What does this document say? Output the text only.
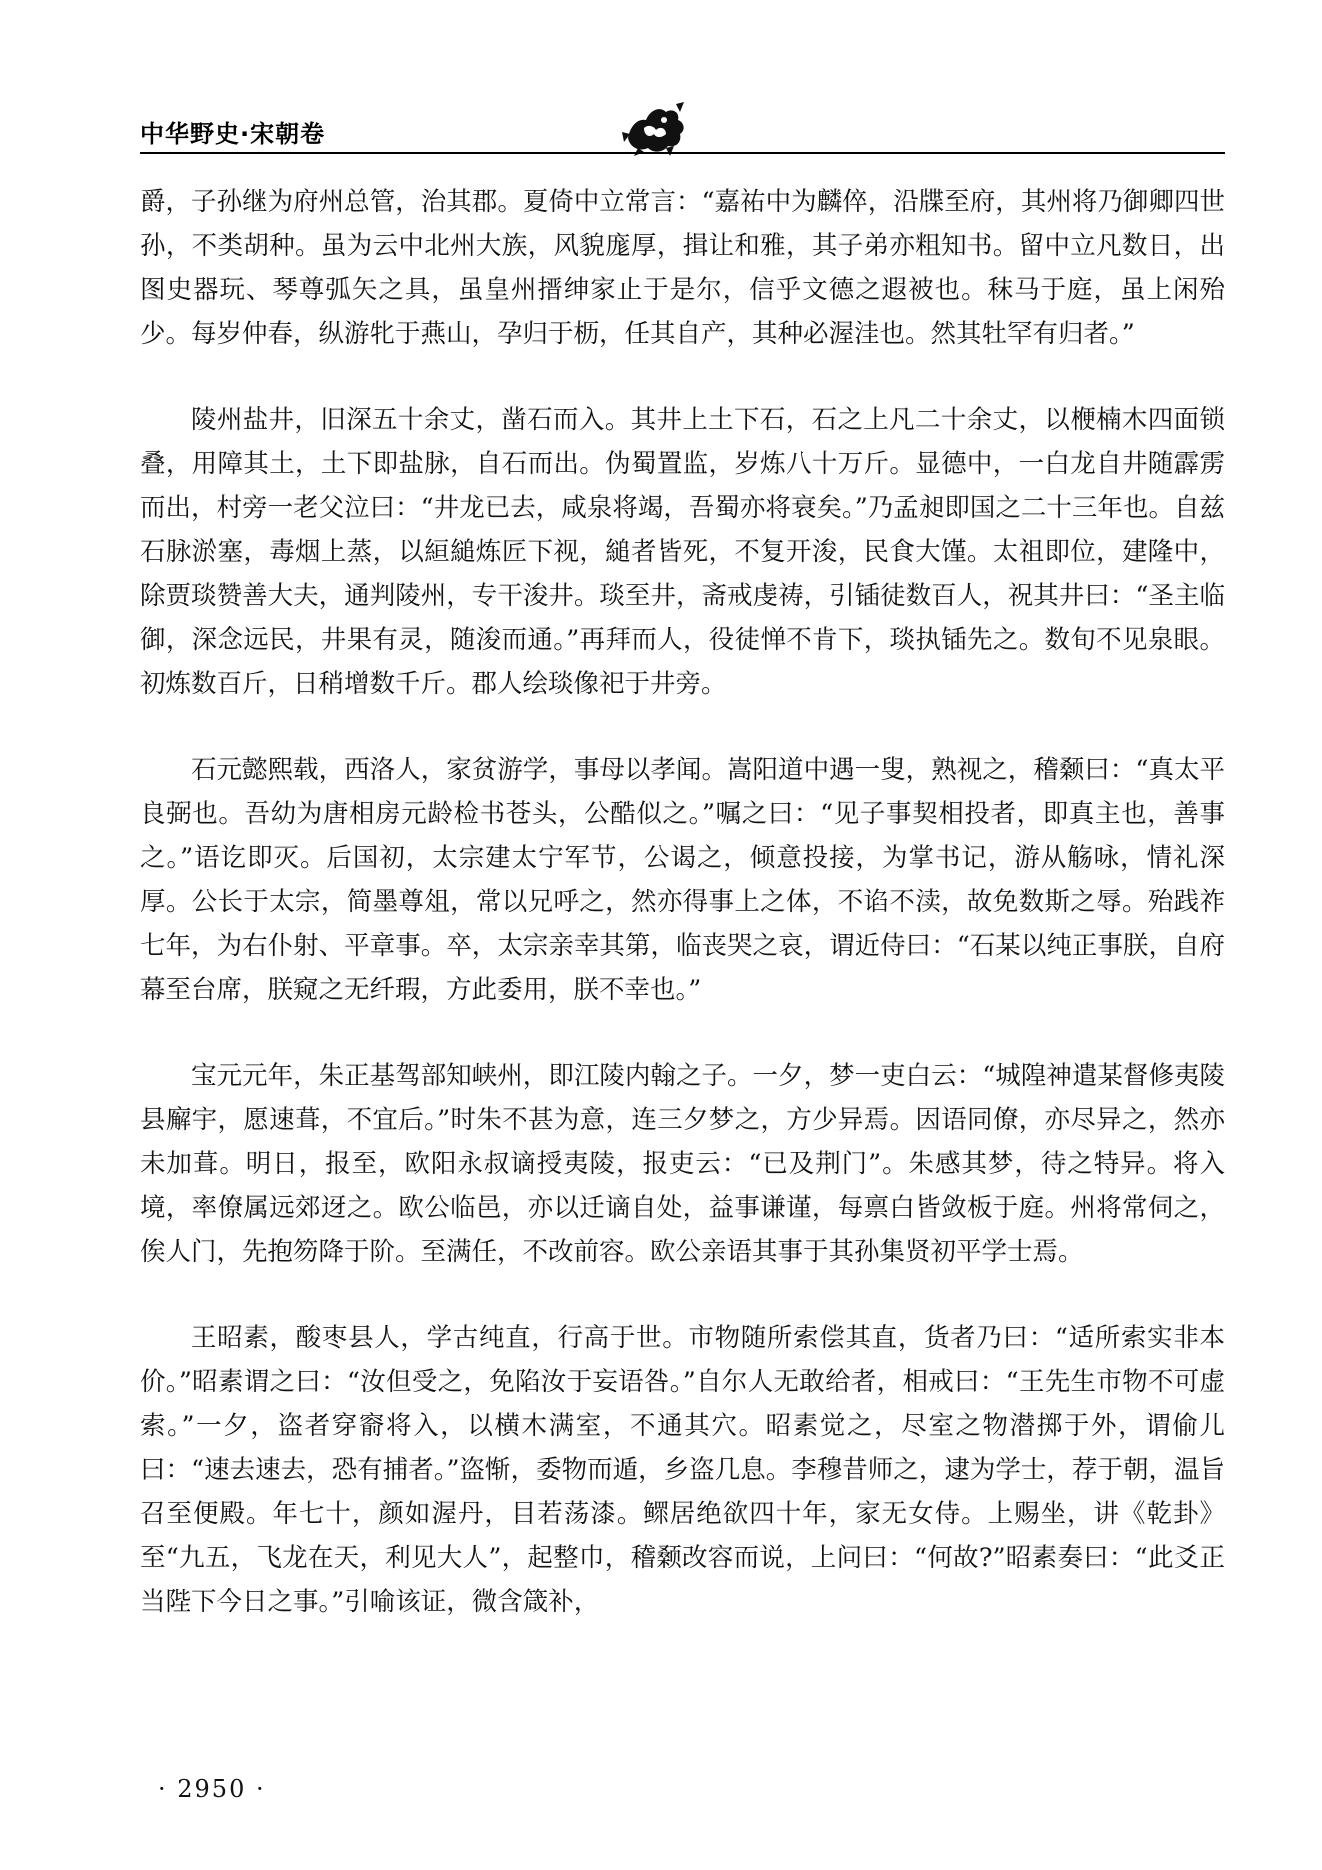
中华野史·宋朝卷

爵，子孙继为府州总管，治其郡。夏倚中立常言：“嘉祐中为麟倅，沿牒至府，其州将乃御卿四世孙，不类胡种。虽为云中北州大族，风貌庬厚，揖让和雅，其子弟亦粗知书。留中立凡数日，出图史器玩、琴尊弧矢之具，虽皇州搢绅家止于是尔，信乎文德之遐被也。秣马于庭，虽上闲殆少。每岁仲春，纵游牝于燕山，孕归于枥，任其自产，其种必渥洼也。然其牡罕有归者。”

陵州盐井，旧深五十余丈，凿石而入。其井上土下石，石之上凡二十余丈，以楩楠木四面锁叠，用障其土，土下即盐脉，自石而出。伪蜀置监，岁炼八十万斤。显德中，一白龙自井随霹雳而出，村旁一老父泣曰：“井龙已去，咸泉将竭，吾蜀亦将衰矣。”乃孟昶即国之二十三年也。自兹石脉淤塞，毒烟上蒸，以絙縋炼匠下视，縋者皆死，不复开浚，民食大馑。太祖即位，建隆中，除贾琰赞善大夫，通判陵州，专干浚井。琰至井，斋戒虔祷，引锸徒数百人，祝其井曰：“圣主临御，深念远民，井果有灵，随浚而通。”再拜而人，役徒惮不肯下，琰执锸先之。数旬不见泉眼。初炼数百斤，日稍增数千斤。郡人绘琰像祀于井旁。

石元懿熙载，西洛人，家贫游学，事母以孝闻。嵩阳道中遇一叟，熟视之，稽颡曰：“真太平良弼也。吾幼为唐相房元龄检书苍头，公酷似之。”嘱之曰：“见子事契相投者，即真主也，善事之。”语讫即灭。后国初，太宗建太宁军节，公谒之，倾意投接，为掌书记，游从觞咏，情礼深厚。公长于太宗，简墨尊俎，常以兄呼之，然亦得事上之体，不谄不渎，故免数斯之辱。殆践祚七年，为右仆射、平章事。卒，太宗亲幸其第，临丧哭之哀，谓近侍曰：“石某以纯正事朕，自府幕至台席，朕窥之无纤瑕，方此委用，朕不幸也。”

宝元元年，朱正基驾部知峡州，即江陵内翰之子。一夕，梦一吏白云：“城隍神遣某督修夷陵县廨宇，愿速葺，不宜后。”时朱不甚为意，连三夕梦之，方少异焉。因语同僚，亦尽异之，然亦未加葺。明日，报至，欧阳永叔谪授夷陵，报吏云：“已及荆门”。朱感其梦，待之特异。将入境，率僚属远郊迓之。欧公临邑，亦以迁谪自处，益事谦谨，每禀白皆敛板于庭。州将常伺之，俟人门，先抱笏降于阶。至满任，不改前容。欧公亲语其事于其孙集贤初平学士焉。

王昭素，酸枣县人，学古纯直，行高于世。市物随所索偿其直，货者乃曰：“适所索实非本价。”昭素谓之曰：“汝但受之，免陷汝于妄语咎。”自尔人无敢给者，相戒曰：“王先生市物不可虚索。”一夕，盗者穿窬将入，以横木满室，不通其穴。昭素觉之，尽室之物潜掷于外，谓偷儿曰：“速去速去，恐有捕者。”盗惭，委物而遁，乡盗几息。李穆昔师之，逮为学士，荐于朝，温旨召至便殿。年七十，颜如渥丹，目若荡漆。鳏居绝欲四十年，家无女侍。上赐坐，讲《乾卦》至“九五，飞龙在天，利见大人”，起整巾，稽颡改容而说，上问曰：“何故?”昭素奏曰：“此爻正当陛下今日之事。”引喻该证，微含箴补，

· 2950 ·
